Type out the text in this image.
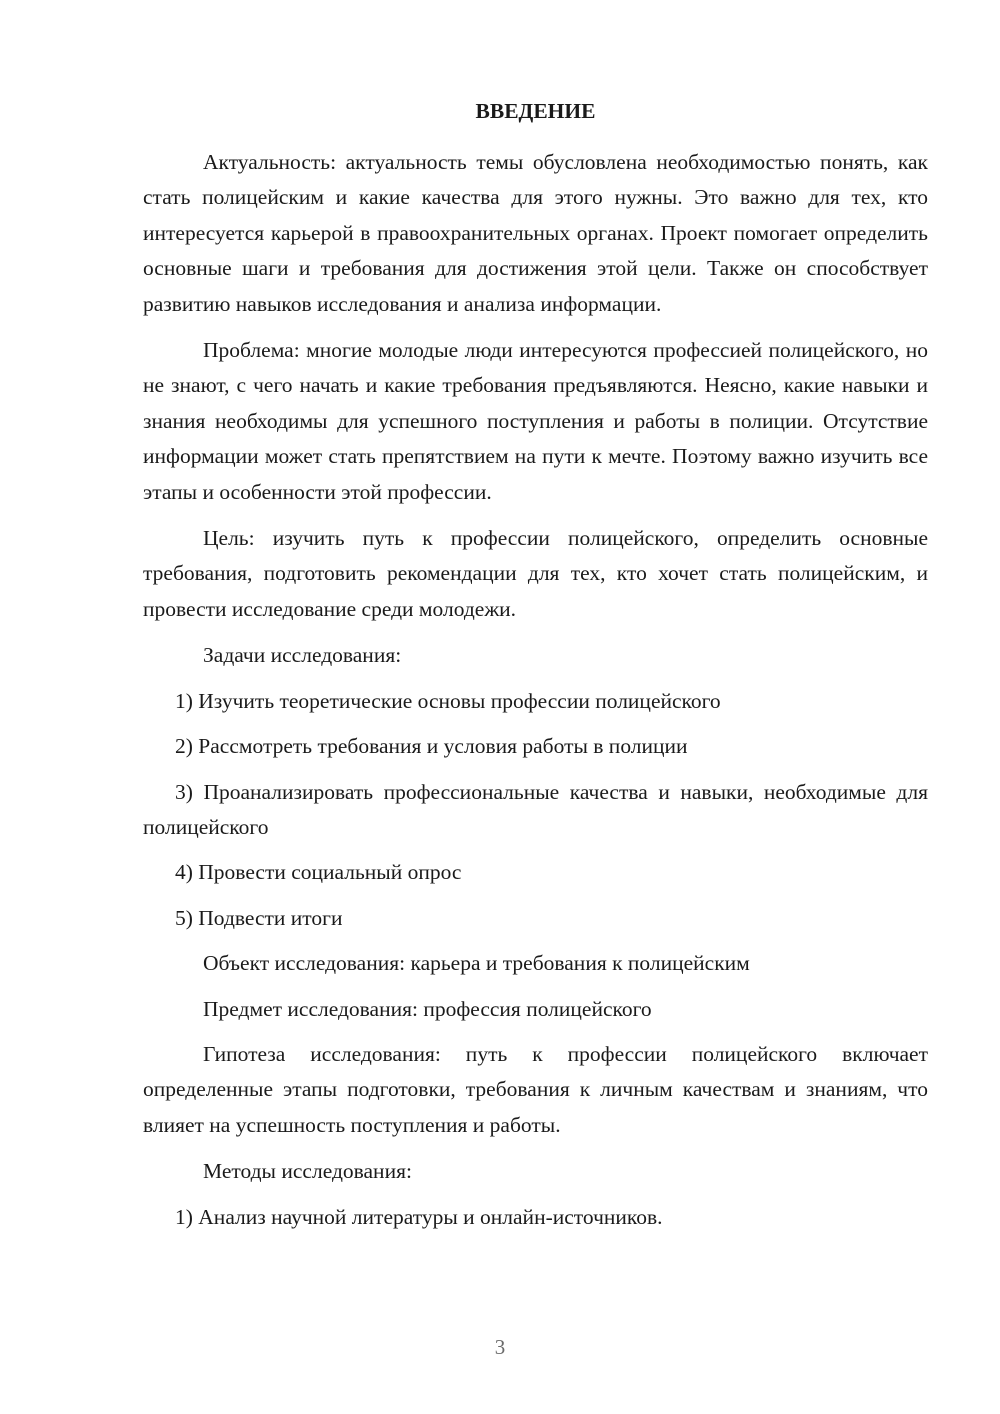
ВВЕДЕНИЕ

Актуальность: актуальность темы обусловлена необходимостью понять, как стать полицейским и какие качества для этого нужны. Это важно для тех, кто интересуется карьерой в правоохранительных органах. Проект помогает определить основные шаги и требования для достижения этой цели. Также он способствует развитию навыков исследования и анализа информации.

Проблема: многие молодые люди интересуются профессией полицейского, но не знают, с чего начать и какие требования предъявляются. Неясно, какие навыки и знания необходимы для успешного поступления и работы в полиции. Отсутствие информации может стать препятствием на пути к мечте. Поэтому важно изучить все этапы и особенности этой профессии.

Цель: изучить путь к профессии полицейского, определить основные требования, подготовить рекомендации для тех, кто хочет стать полицейским, и провести исследование среди молодежи.

Задачи исследования:
1) Изучить теоретические основы профессии полицейского
2) Рассмотреть требования и условия работы в полиции
3) Проанализировать профессиональные качества и навыки, необходимые для полицейского
4) Провести социальный опрос
5) Подвести итоги
Объект исследования: карьера и требования к полицейским
Предмет исследования: профессия полицейского

Гипотеза исследования: путь к профессии полицейского включает определенные этапы подготовки, требования к личным качествам и знаниям, что влияет на успешность поступления и работы.

Методы исследования:
1) Анализ научной литературы и онлайн-источников.
3
